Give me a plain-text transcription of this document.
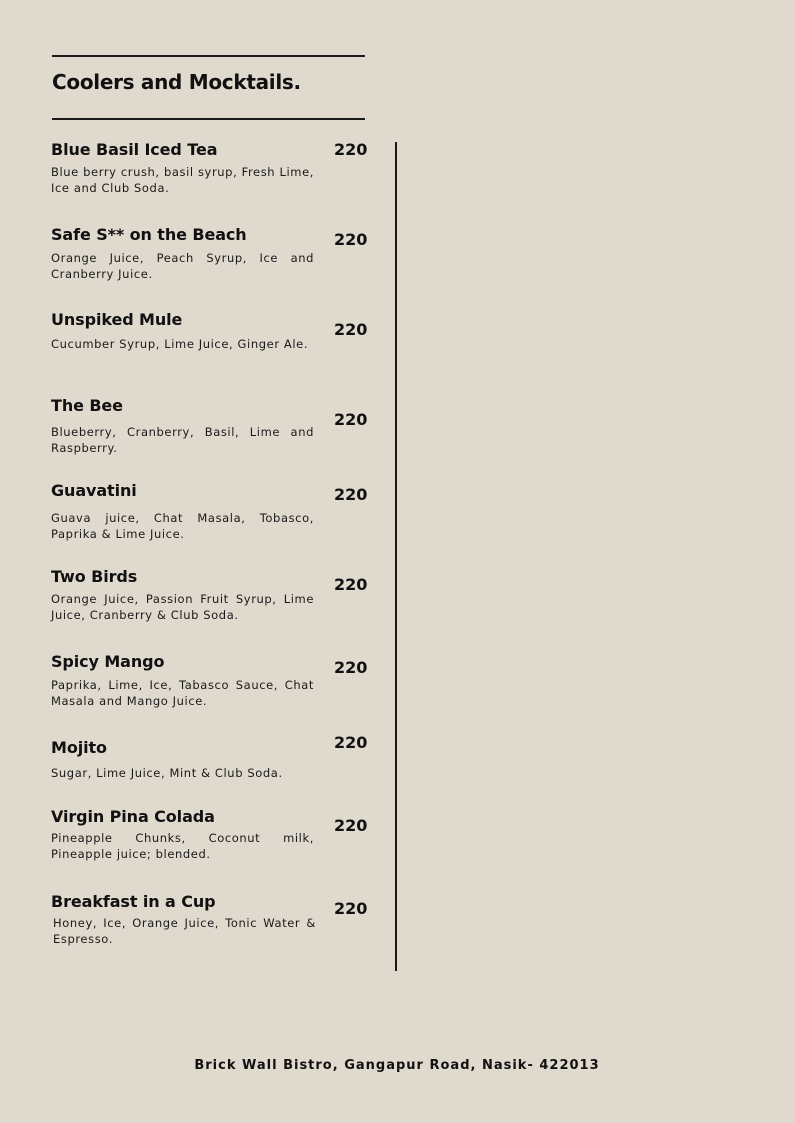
Coolers and Mocktails.
Blue Basil Iced Tea
Blue berry crush, basil syrup, Fresh Lime, Ice and Club Soda.
220
Safe S** on the Beach
Orange Juice, Peach Syrup, Ice and Cranberry Juice.
220
Unspiked Mule
Cucumber Syrup, Lime Juice, Ginger Ale.
220
The Bee
Blueberry, Cranberry, Basil, Lime and Raspberry.
220
Guavatini
Guava juice, Chat Masala, Tobasco, Paprika & Lime Juice.
220
Two Birds
Orange Juice, Passion Fruit Syrup, Lime Juice, Cranberry & Club Soda.
220
Spicy Mango
Paprika, Lime, Ice, Tabasco Sauce, Chat Masala and Mango Juice.
220
Mojito
Sugar, Lime Juice, Mint & Club Soda.
220
Virgin Pina Colada
Pineapple Chunks, Coconut milk, Pineapple juice; blended.
220
Breakfast in a Cup
Honey, Ice, Orange Juice, Tonic Water & Espresso.
220
Brick Wall Bistro, Gangapur Road, Nasik- 422013
